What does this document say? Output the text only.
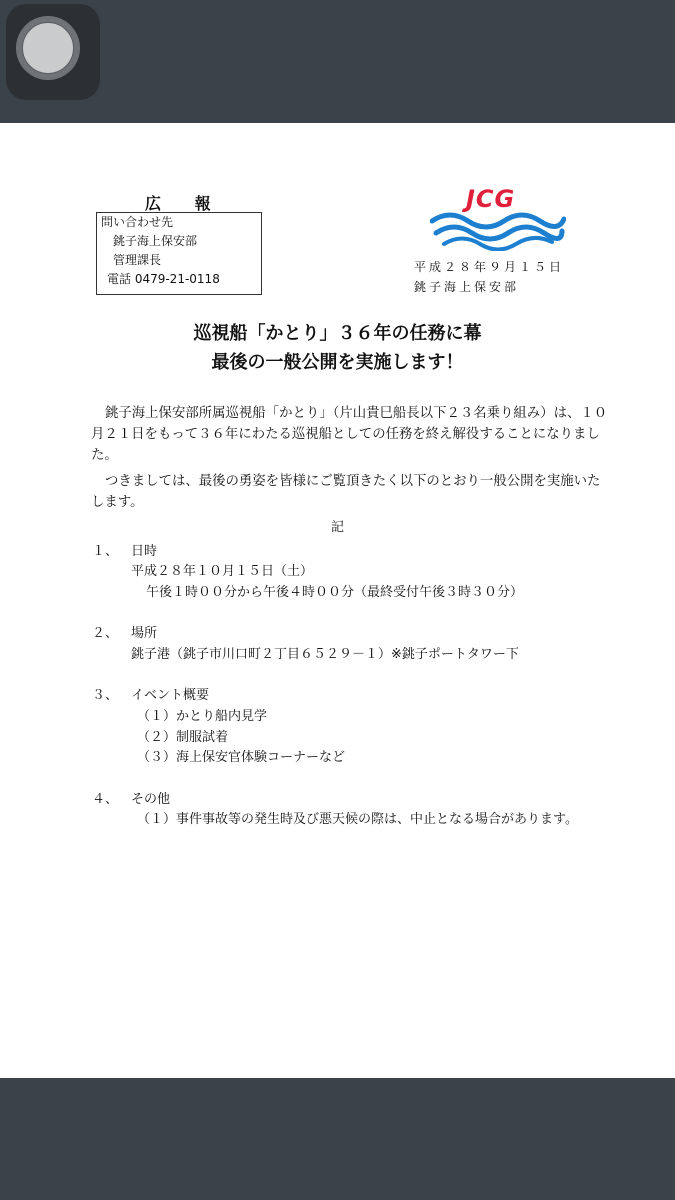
広 報
問い合わせ先
銚子海上保安部
管理課長
電話 0479-21-0118
JCG
平成２８年９月１５日
銚子海上保安部
巡視船「かとり」３６年の任務に幕
最後の一般公開を実施します！
銚子海上保安部所属巡視船「かとり」（片山貴巳船長以下２３名乗り組み）は、１０月２１日をもって３６年にわたる巡視船としての任務を終え解役することになりました。
つきましては、最後の勇姿を皆様にご覧頂きたく以下のとおり一般公開を実施いたします。
記
１、 日時
平成２８年１０月１５日（土）
午後１時００分から午後４時００分（最終受付午後３時３０分）
２、 場所
銚子港（銚子市川口町２丁目６５２９－１）※銚子ポートタワー下
３、 イベント概要
（１）かとり船内見学
（２）制服試着
（３）海上保安官体験コーナーなど
４、 その他
（１）事件事故等の発生時及び悪天候の際は、中止となる場合があります。
